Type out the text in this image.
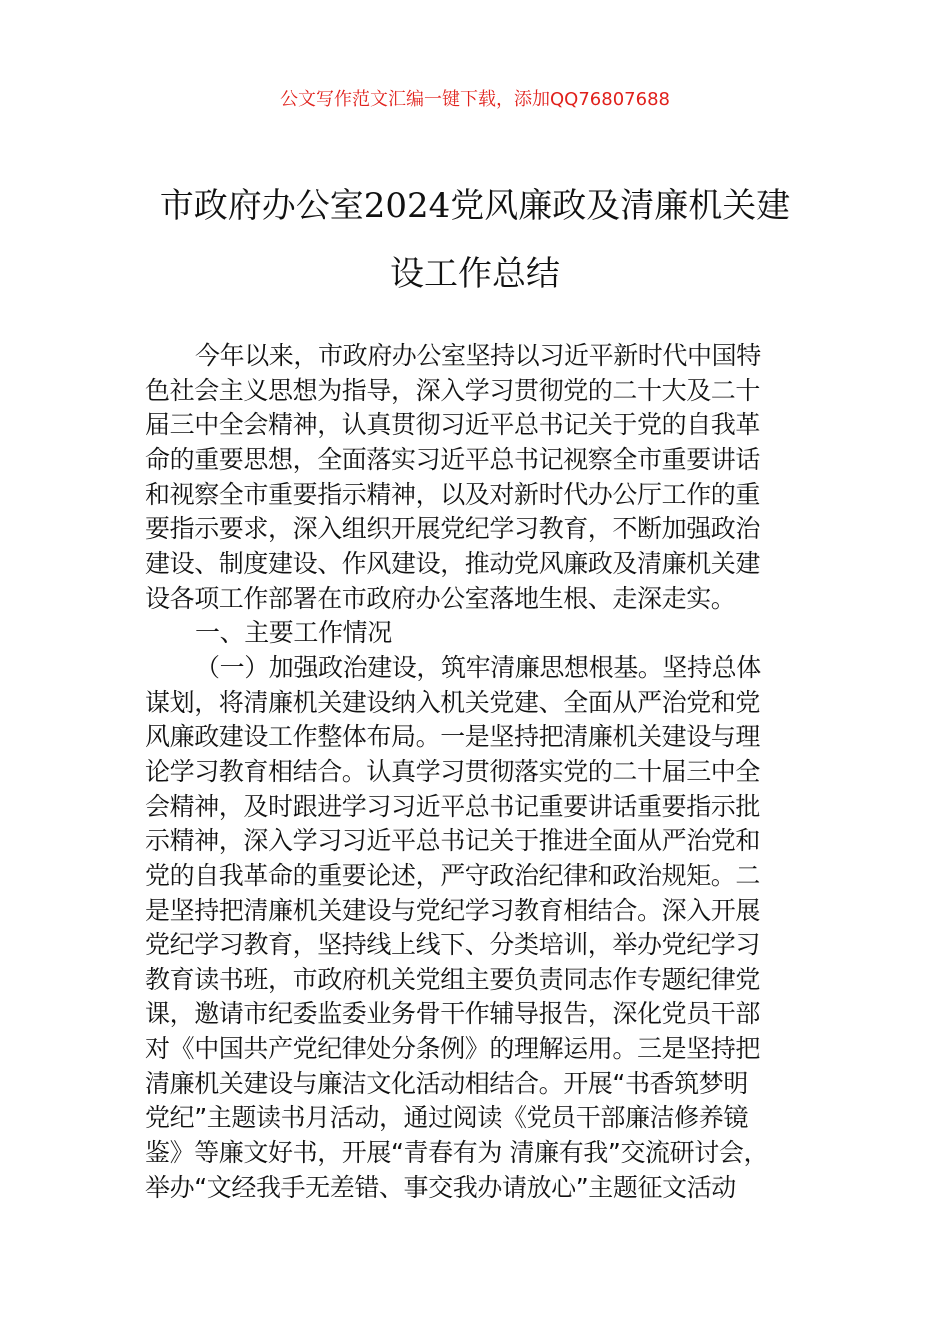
公文写作范文汇编一键下载，添加QQ76807688
市政府办公室2024党风廉政及清廉机关建
设工作总结
今年以来，市政府办公室坚持以习近平新时代中国特
色社会主义思想为指导，深入学习贯彻党的二十大及二十
届三中全会精神，认真贯彻习近平总书记关于党的自我革
命的重要思想，全面落实习近平总书记视察全市重要讲话
和视察全市重要指示精神，以及对新时代办公厅工作的重
要指示要求，深入组织开展党纪学习教育，不断加强政治
建设、制度建设、作风建设，推动党风廉政及清廉机关建
设各项工作部署在市政府办公室落地生根、走深走实。
一、主要工作情况
（一）加强政治建设，筑牢清廉思想根基。坚持总体
谋划，将清廉机关建设纳入机关党建、全面从严治党和党
风廉政建设工作整体布局。一是坚持把清廉机关建设与理
论学习教育相结合。认真学习贯彻落实党的二十届三中全
会精神，及时跟进学习习近平总书记重要讲话重要指示批
示精神，深入学习习近平总书记关于推进全面从严治党和
党的自我革命的重要论述，严守政治纪律和政治规矩。二
是坚持把清廉机关建设与党纪学习教育相结合。深入开展
党纪学习教育，坚持线上线下、分类培训，举办党纪学习
教育读书班，市政府机关党组主要负责同志作专题纪律党
课，邀请市纪委监委业务骨干作辅导报告，深化党员干部
对《中国共产党纪律处分条例》的理解运用。三是坚持把
清廉机关建设与廉洁文化活动相结合。开展“书香筑梦明
党纪”主题读书月活动，通过阅读《党员干部廉洁修养镜
鉴》等廉文好书，开展“青春有为 清廉有我”交流研讨会，
举办“文经我手无差错、事交我办请放心”主题征文活动
